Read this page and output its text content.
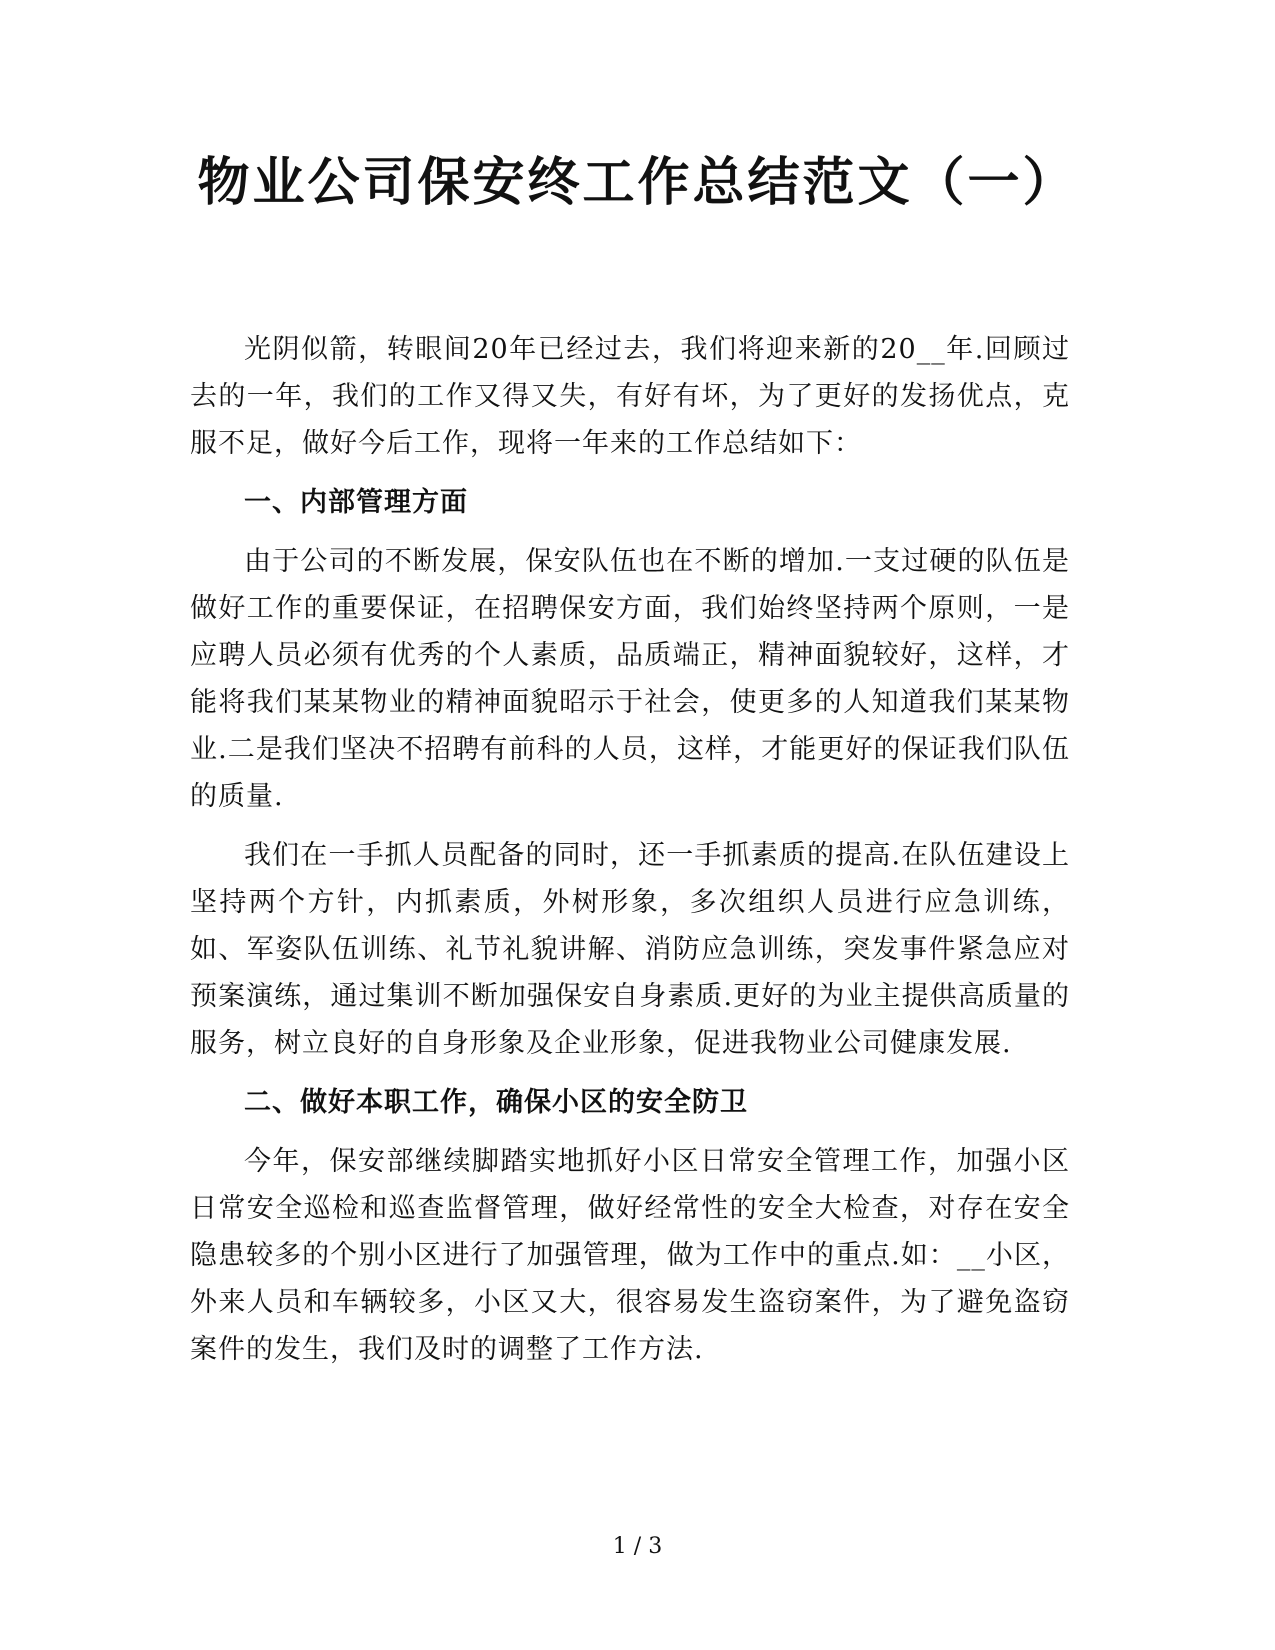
物业公司保安终工作总结范文（一）

光阴似箭，转眼间20年已经过去，我们将迎来新的20__年.回顾过去的一年，我们的工作又得又失，有好有坏，为了更好的发扬优点，克服不足，做好今后工作，现将一年来的工作总结如下：

一、内部管理方面

由于公司的不断发展，保安队伍也在不断的增加.一支过硬的队伍是做好工作的重要保证，在招聘保安方面，我们始终坚持两个原则，一是应聘人员必须有优秀的个人素质，品质端正，精神面貌较好，这样，才能将我们某某物业的精神面貌昭示于社会，使更多的人知道我们某某物业.二是我们坚决不招聘有前科的人员，这样，才能更好的保证我们队伍的质量.

我们在一手抓人员配备的同时，还一手抓素质的提高.在队伍建设上坚持两个方针，内抓素质，外树形象，多次组织人员进行应急训练，如、军姿队伍训练、礼节礼貌讲解、消防应急训练，突发事件紧急应对预案演练，通过集训不断加强保安自身素质.更好的为业主提供高质量的服务，树立良好的自身形象及企业形象，促进我物业公司健康发展.

二、做好本职工作，确保小区的安全防卫

今年，保安部继续脚踏实地抓好小区日常安全管理工作，加强小区日常安全巡检和巡查监督管理，做好经常性的安全大检查，对存在安全隐患较多的个别小区进行了加强管理，做为工作中的重点.如：__小区，外来人员和车辆较多，小区又大，很容易发生盗窃案件，为了避免盗窃案件的发生，我们及时的调整了工作方法.

1 / 3
